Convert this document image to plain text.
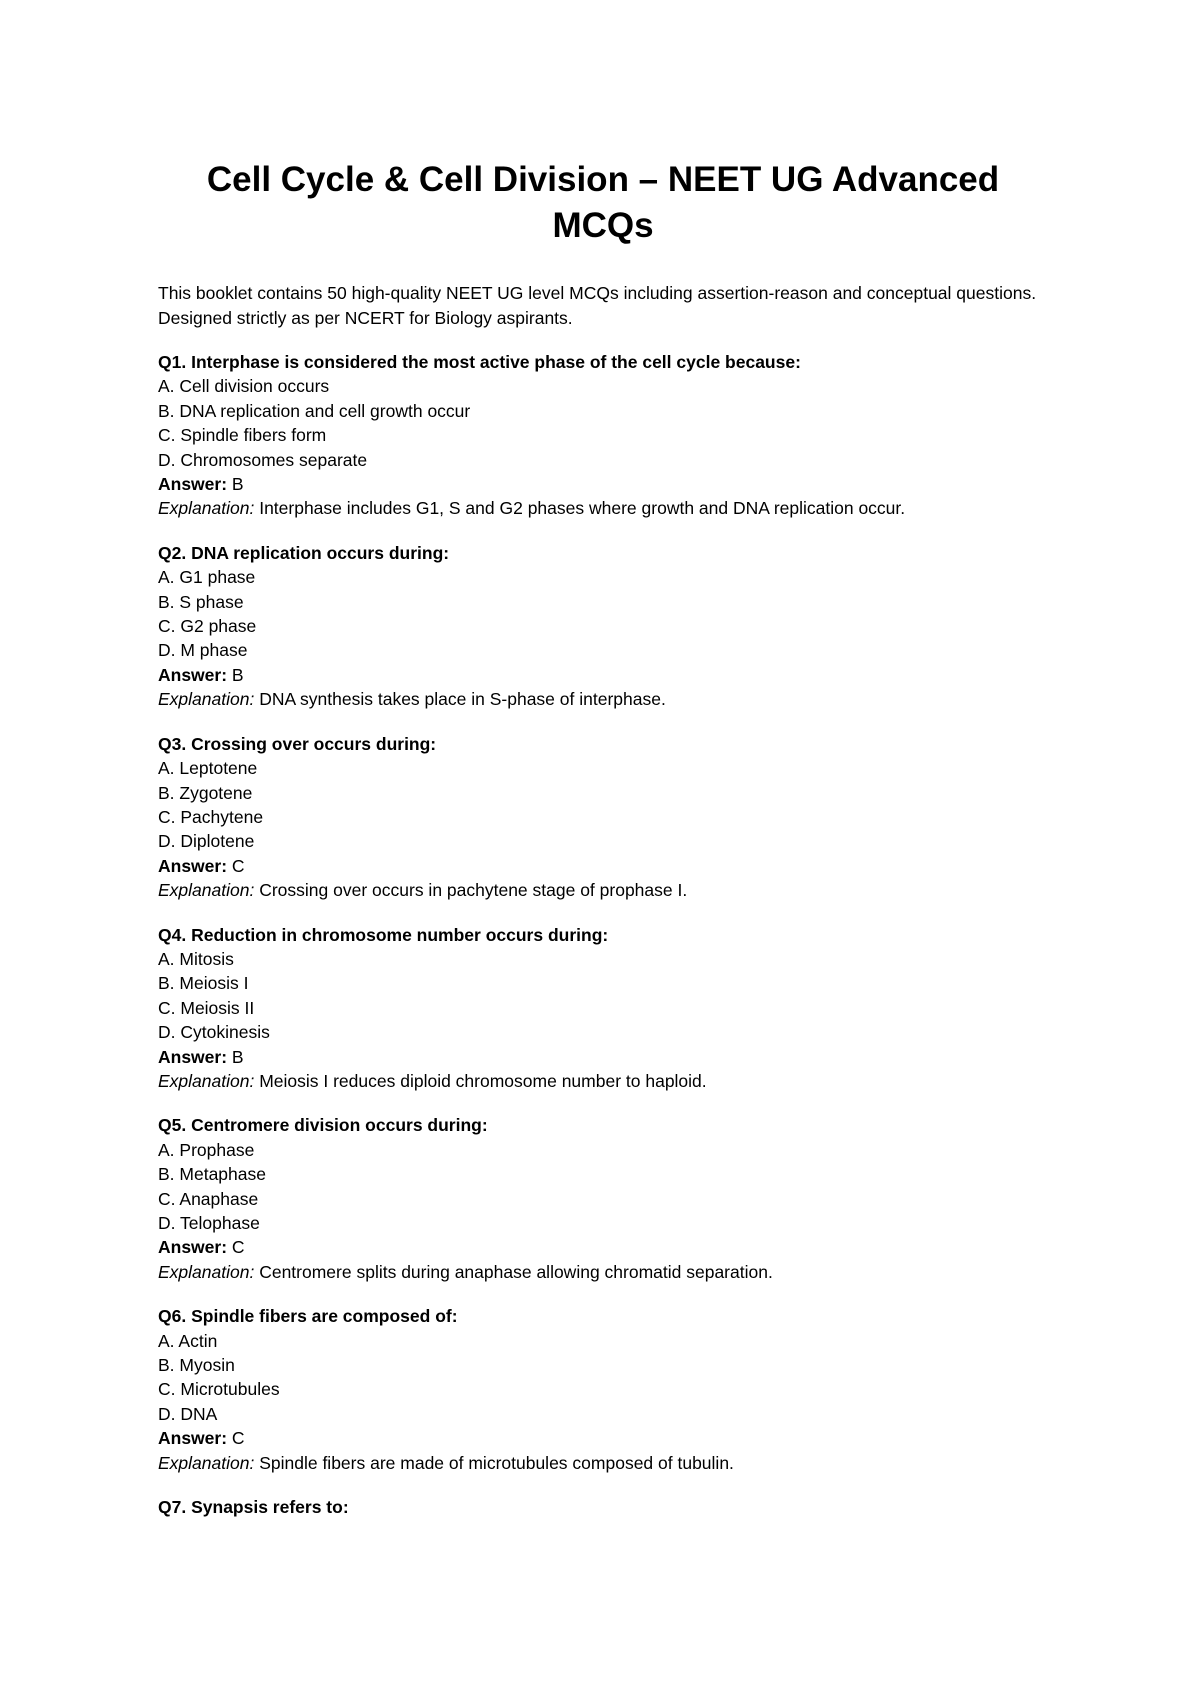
Cell Cycle & Cell Division – NEET UG Advanced MCQs

This booklet contains 50 high-quality NEET UG level MCQs including assertion-reason and conceptual questions. Designed strictly as per NCERT for Biology aspirants.

Q1. Interphase is considered the most active phase of the cell cycle because:
A. Cell division occurs
B. DNA replication and cell growth occur
C. Spindle fibers form
D. Chromosomes separate
Answer: B
Explanation: Interphase includes G1, S and G2 phases where growth and DNA replication occur.
Q2. DNA replication occurs during:
A. G1 phase
B. S phase
C. G2 phase
D. M phase
Answer: B
Explanation: DNA synthesis takes place in S-phase of interphase.
Q3. Crossing over occurs during:
A. Leptotene
B. Zygotene
C. Pachytene
D. Diplotene
Answer: C
Explanation: Crossing over occurs in pachytene stage of prophase I.
Q4. Reduction in chromosome number occurs during:
A. Mitosis
B. Meiosis I
C. Meiosis II
D. Cytokinesis
Answer: B
Explanation: Meiosis I reduces diploid chromosome number to haploid.
Q5. Centromere division occurs during:
A. Prophase
B. Metaphase
C. Anaphase
D. Telophase
Answer: C
Explanation: Centromere splits during anaphase allowing chromatid separation.
Q6. Spindle fibers are composed of:
A. Actin
B. Myosin
C. Microtubules
D. DNA
Answer: C
Explanation: Spindle fibers are made of microtubules composed of tubulin.
Q7. Synapsis refers to:
